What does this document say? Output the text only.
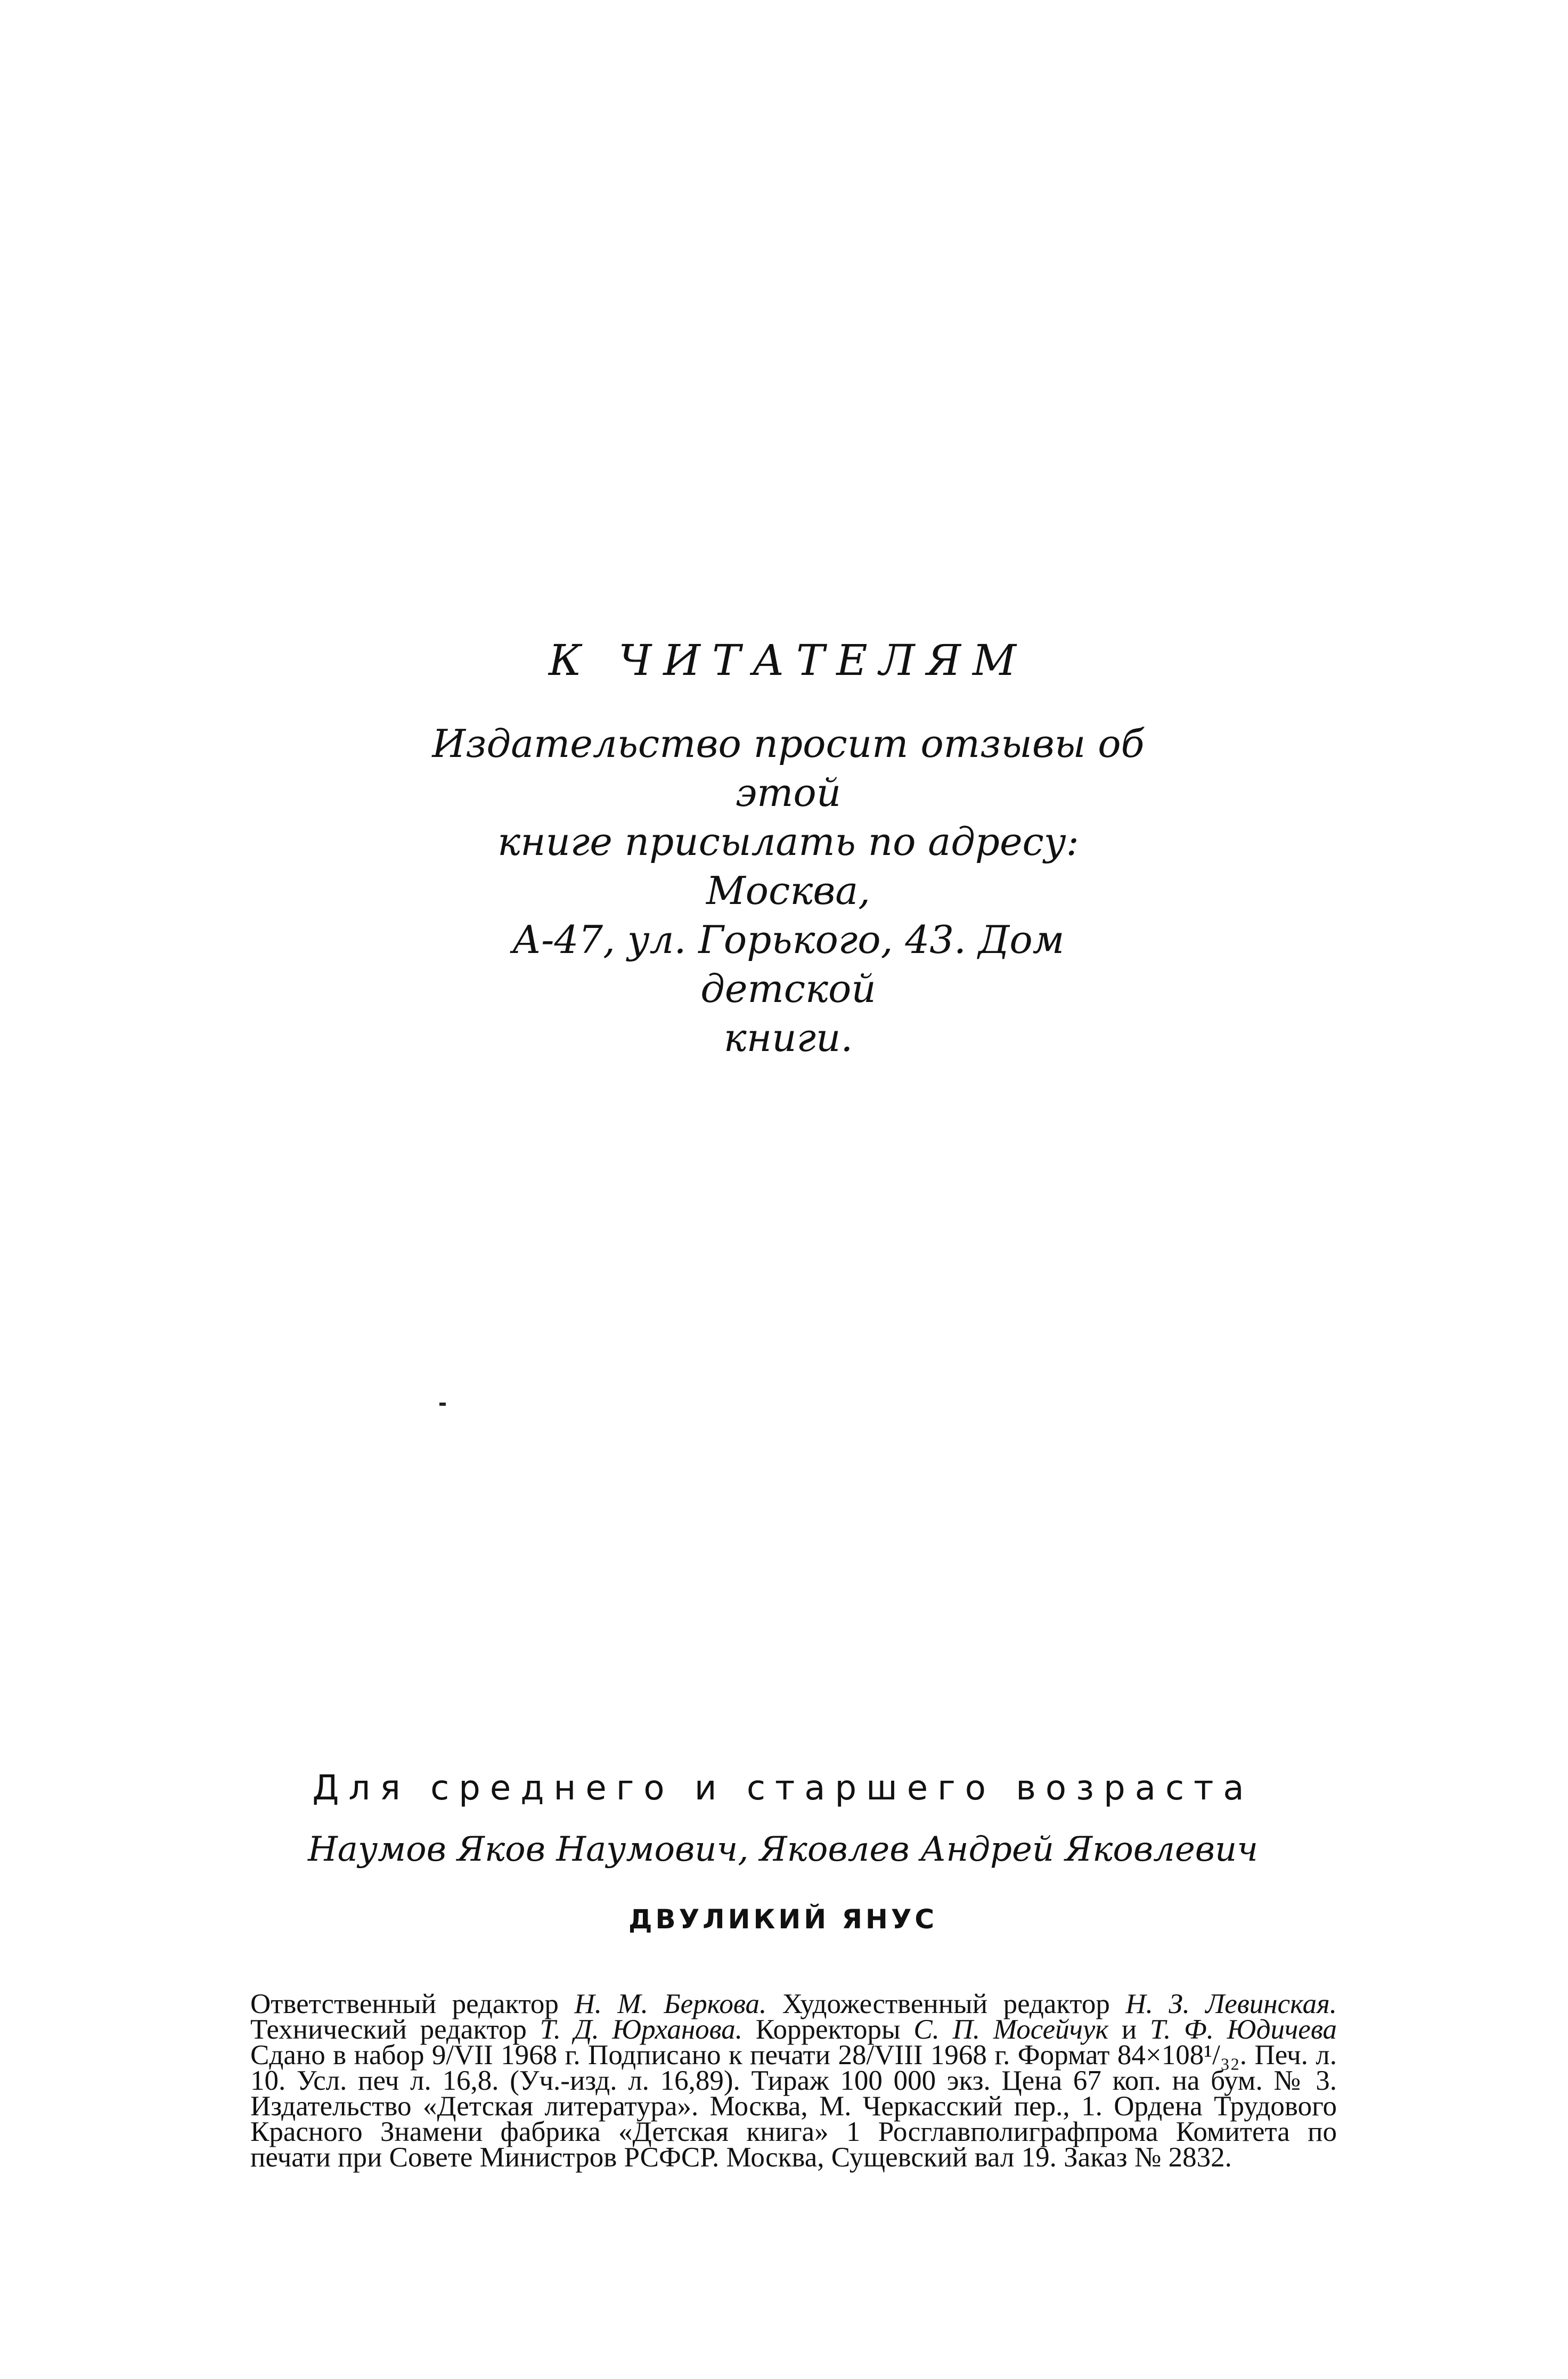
К ЧИТАТЕЛЯМ
Издательство просит отзывы об этой
книге присылать по адресу: Москва,
А-47, ул. Горького, 43. Дом детской
книги.
Для среднего и старшего возраста
Наумов Яков Наумович, Яковлев Андрей Яковлевич
ДВУЛИКИЙ ЯНУС

Ответственный редактор Н. М. Беркова. Художественный редактор Н. З. Левинская. Технический редактор Т. Д. Юрханова. Корректоры С. П. Мосейчук и Т. Ф. Юдичева Сдано в набор 9/VII 1968 г. Подписано к печати 28/VIII 1968 г. Формат 84×108¹/₃₂. Печ. л. 10. Усл. печ л. 16,8. (Уч.-изд. л. 16,89). Тираж 100 000 экз. Цена 67 коп. на бум. № 3. Издательство «Детская литература». Москва, М. Черкасский пер., 1. Ордена Трудового Красного Знамени фабрика «Детская книга» 1 Росглавполиграфпрома Комитета по печати при Совете Министров РСФСР. Москва, Сущевский вал 19. Заказ № 2832.
